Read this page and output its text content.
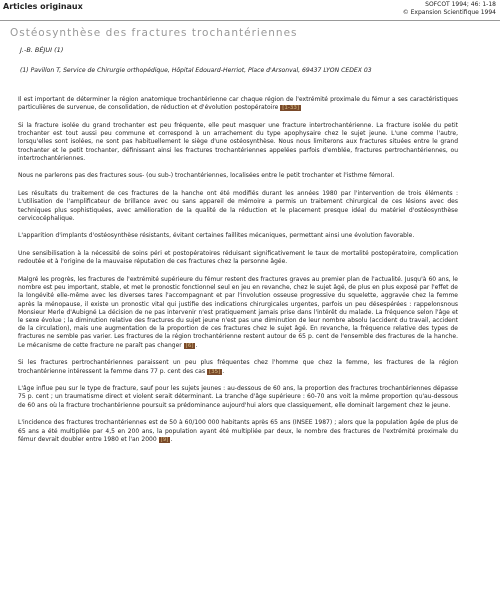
Articles originaux	SOFCOT 1994; 46: 1-18
© Expansion Scientifique 1994
Ostéosynthèse des fractures trochantériennes
J.-B. BÉJUI (1)
(1) Pavillon T, Service de Chirurgie orthopédique, Hôpital Edouard-Herriot, Place d'Arsonval, 69437 LYON CEDEX 03

Il est important de déterminer la région anatomique trochantérienne car chaque région de l'extrémité proximale du fémur a ses caractéristiques particulières de survenue, de consolidation, de réduction et d'évolution postopératoire [1-33]

Si la fracture isolée du grand trochanter est peu fréquente, elle peut masquer une fracture intertrochantérienne. La fracture isolée du petit trochanter est tout aussi peu commune et correspond à un arrachement du type apophysaire chez le sujet jeune. L'une comme l'autre, lorsqu'elles sont isolées, ne sont pas habituellement le siège d'une ostéosynthèse. Nous nous limiterons aux fractures situées entre le grand trochanter et le petit trochanter, définissant ainsi les fractures trochantériennes appelées parfois d'emblée, fractures pertrochantériennes, ou intertrochantériennes.

Nous ne parlerons pas des fractures sous- (ou sub-) trochantériennes, localisées entre le petit trochanter et l'isthme fémoral.

Les résultats du traitement de ces fractures de la hanche ont été modifiés durant les années 1980 par l'intervention de trois éléments : L'utilisation de l'amplificateur de brillance avec ou sans appareil de mémoire a permis un traitement chirurgical de ces lésions avec des techniques plus sophistiquées, avec amélioration de la qualité de la réduction et le placement presque idéal du matériel d'ostéosynthèse cervicocéphalique.

L'apparition d'implants d'ostéosynthèse résistants, évitant certaines faillites mécaniques, permettant ainsi une évolution favorable.

Une sensibilisation à la nécessité de soins péri et postopératoires réduisant significativement le taux de mortalité postopératoire, complication redoutée et à l'origine de la mauvaise réputation de ces fractures chez la personne âgée.

Malgré les progrès, les fractures de l'extrémité supérieure du fémur restent des fractures graves au premier plan de l'actualité. Jusqu'à 60 ans, le nombre est peu important, stable, et met le pronostic fonctionnel seul en jeu en revanche, chez le sujet âgé, de plus en plus exposé par l'effet de la longévité elle-même avec les diverses tares l'accompagnant et par l'involution osseuse progressive du squelette, aggravée chez la femme après la ménopause, il existe un pronostic vital qui justifie des indications chirurgicales urgentes, parfois un peu désespérées : rappelonsnous Monsieur Merle d'Aubigné La décision de ne pas intervenir n'est pratiquement jamais prise dans l'intérêt du malade. La fréquence selon l'âge et le sexe évolue ; la diminution relative des fractures du sujet jeune n'est pas une diminution de leur nombre absolu (accident du travail, accident de la circulation), mais une augmentation de la proportion de ces fractures chez le sujet âgé. En revanche, la fréquence relative des types de fractures ne semble pas varier. Les fractures de la région trochantérienne restent autour de 65 p. cent de l'ensemble des fractures de la hanche. Le mécanisme de cette fracture ne paraît pas changer [6] .

Si les fractures pertrochantériennes paraissent un peu plus fréquentes chez l'homme que chez la femme, les fractures de la région trochantérienne intéressent la femme dans 77 p. cent des cas [35] .

L'âge influe peu sur le type de fracture, sauf pour les sujets jeunes : au-dessous de 60 ans, la proportion des fractures trochantériennes dépasse 75 p. cent ; un traumatisme direct et violent serait déterminant. La tranche d'âge supérieure : 60-70 ans voit la même proportion qu'au-dessous de 60 ans où la fracture trochantérienne poursuit sa prédominance aujourd'hui alors que classiquement, elle dominait largement chez le jeune.

L'incidence des fractures trochantériennes est de 50 à 60/100 000 habitants après 65 ans (INSEE 1987) ; alors que la population âgée de plus de 65 ans a été multipliée par 4,5 en 200 ans, la population ayant été multipliée par deux, le nombre des fractures de l'extrémité proximale du fémur devrait doubler entre 1980 et l'an 2000 [9] .
